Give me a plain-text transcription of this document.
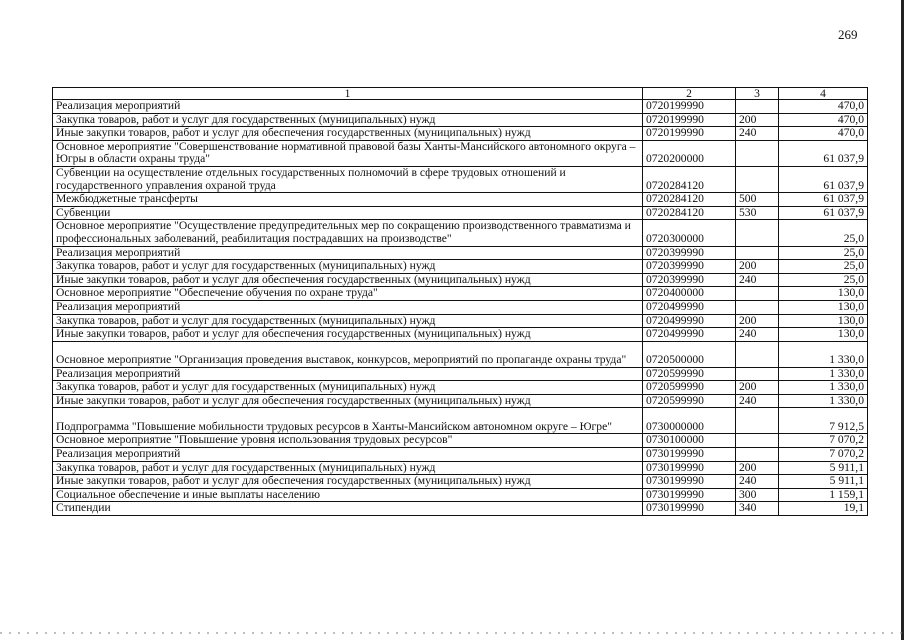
269
1	2	3	4
Реализация мероприятий	0720199990		470,0
Закупка товаров, работ и услуг для государственных (муниципальных) нужд	0720199990	200	470,0
Иные закупки товаров, работ и услуг для обеспечения государственных (муниципальных) нужд	0720199990	240	470,0
Основное мероприятие "Совершенствование нормативной правовой базы Ханты-Мансийского автономного округа – Югры в области охраны труда"	0720200000		61 037,9
Субвенции на осуществление отдельных государственных полномочий в сфере трудовых отношений и государственного управления охраной труда	0720284120		61 037,9
Межбюджетные трансферты	0720284120	500	61 037,9
Субвенции	0720284120	530	61 037,9
Основное мероприятие "Осуществление предупредительных мер по сокращению производственного травматизма и профессиональных заболеваний, реабилитация пострадавших на производстве"	0720300000		25,0
Реализация мероприятий	0720399990		25,0
Закупка товаров, работ и услуг для государственных (муниципальных) нужд	0720399990	200	25,0
Иные закупки товаров, работ и услуг для обеспечения государственных (муниципальных) нужд	0720399990	240	25,0
Основное мероприятие "Обеспечение обучения по охране труда"	0720400000		130,0
Реализация мероприятий	0720499990		130,0
Закупка товаров, работ и услуг для государственных (муниципальных) нужд	0720499990	200	130,0
Иные закупки товаров, работ и услуг для обеспечения государственных (муниципальных) нужд	0720499990	240	130,0
Основное мероприятие "Организация проведения выставок, конкурсов, мероприятий по пропаганде охраны труда"	0720500000		1 330,0
Реализация мероприятий	0720599990		1 330,0
Закупка товаров, работ и услуг для государственных (муниципальных) нужд	0720599990	200	1 330,0
Иные закупки товаров, работ и услуг для обеспечения государственных (муниципальных) нужд	0720599990	240	1 330,0
Подпрограмма "Повышение мобильности трудовых ресурсов в Ханты-Мансийском автономном округе – Югре"	0730000000		7 912,5
Основное мероприятие "Повышение уровня использования трудовых ресурсов"	0730100000		7 070,2
Реализация мероприятий	0730199990		7 070,2
Закупка товаров, работ и услуг для государственных (муниципальных) нужд	0730199990	200	5 911,1
Иные закупки товаров, работ и услуг для обеспечения государственных (муниципальных) нужд	0730199990	240	5 911,1
Социальное обеспечение и иные выплаты населению	0730199990	300	1 159,1
Стипендии	0730199990	340	19,1
